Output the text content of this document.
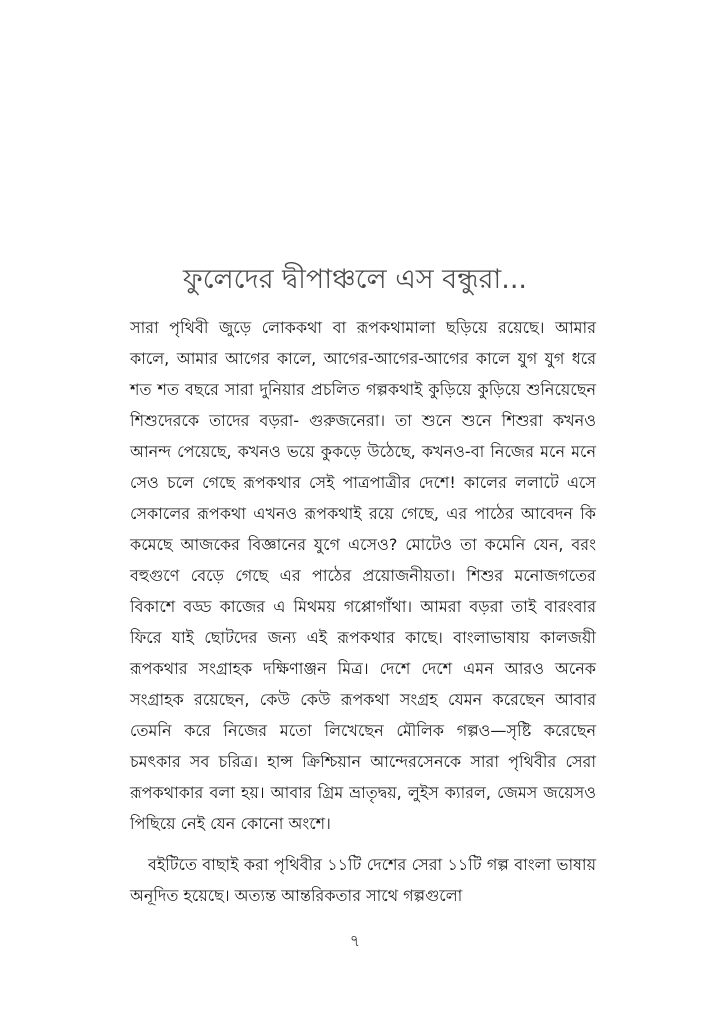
ফুলেদের দ্বীপাঞ্চলে এস বন্ধুরা...

সারা পৃথিবী জুড়ে লোককথা বা রূপকথামালা ছড়িয়ে রয়েছে। আমার কালে, আমার আগের কালে, আগের-আগের-আগের কালে যুগ যুগ ধরে শত শত বছরে সারা দুনিয়ার প্রচলিত গল্পকথাই কুড়িয়ে কুড়িয়ে শুনিয়েছেন শিশুদেরকে তাদের বড়রা- গুরুজনেরা। তা শুনে শুনে শিশুরা কখনও আনন্দ পেয়েছে, কখনও ভয়ে কুকড়ে উঠেছে, কখনও-বা নিজের মনে মনে সেও চলে গেছে রূপকথার সেই পাত্রপাত্রীর দেশে! কালের ললাটে এসে সেকালের রূপকথা এখনও রূপকথাই রয়ে গেছে, এর পাঠের আবেদন কি কমেছে আজকের বিজ্ঞানের যুগে এসেও? মোটেও তা কমেনি যেন, বরং বহুগুণে বেড়ে গেছে এর পাঠের প্রয়োজনীয়তা। শিশুর মনোজগতের বিকাশে বড্ড কাজের এ মিথময় গপ্পোগাঁথা। আমরা বড়রা তাই বারংবার ফিরে যাই ছোটদের জন্য এই রূপকথার কাছে। বাংলাভাষায় কালজয়ী রূপকথার সংগ্রাহক দক্ষিণাঞ্জন মিত্র। দেশে দেশে এমন আরও অনেক সংগ্রাহক রয়েছেন, কেউ কেউ রূপকথা সংগ্রহ যেমন করেছেন আবার তেমনি করে নিজের মতো লিখেছেন মৌলিক গল্পও—সৃষ্টি করেছেন চমৎকার সব চরিত্র। হান্স ক্রিশ্চিয়ান আন্দেরসেনকে সারা পৃথিবীর সেরা রূপকথাকার বলা হয়। আবার গ্রিম ভ্রাতৃদ্বয়, লুইস ক্যারল, জেমস জয়েসও পিছিয়ে নেই যেন কোনো অংশে।

বইটিতে বাছাই করা পৃথিবীর ১১টি দেশের সেরা ১১টি গল্প বাংলা ভাষায় অনূদিত হয়েছে। অত্যন্ত আন্তরিকতার সাথে গল্পগুলো

৭
